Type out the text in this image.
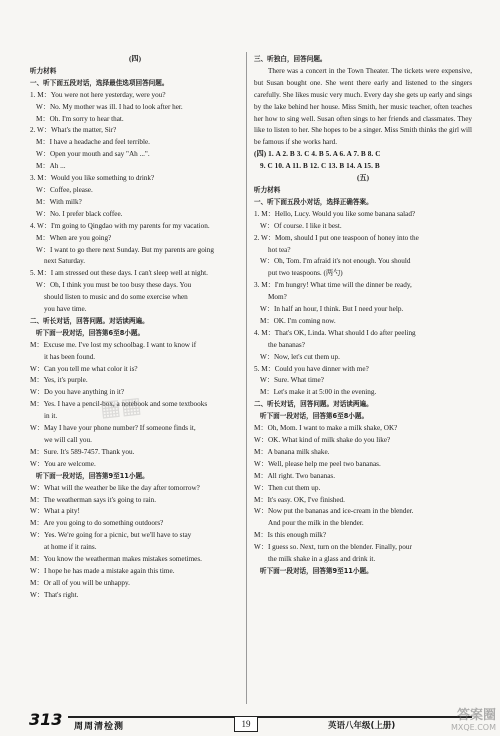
(四)
听力材料
一、听下面五段对话，选择最佳选项回答问题。
1. M：You were not here yesterday, were you?
W：No. My mother was ill. I had to look after her.
M：Oh. I'm sorry to hear that.
2. W：What's the matter, Sir?
M：I have a headache and feel terrible.
W：Open your mouth and say "Ah ...".
M：Ah ...
3. M：Would you like something to drink?
W：Coffee, please.
M：With milk?
W：No. I prefer black coffee.
4. W：I'm going to Qingdao with my parents for my vacation.
M：When are you going?
W：I want to go there next Sunday. But my parents are going
next Saturday.
5. M：I am stressed out these days. I can't sleep well at night.
W：Oh, I think you must be too busy these days. You
should listen to music and do some exercise when
you have time.
二、听长对话，回答问题。对话读两遍。
听下面一段对话，回答第6至8小题。
M：Excuse me. I've lost my schoolbag. I want to know if
it has been found.
W：Can you tell me what color it is?
M：Yes, it's purple.
W：Do you have anything in it?
M：Yes. I have a pencil-box, a notebook and some textbooks
in it.
W：May I have your phone number? If someone finds it,
we will call you.
M：Sure. It's 589-7457. Thank you.
W：You are welcome.
听下面一段对话，回答第9至11小题。
W：What will the weather be like the day after tomorrow?
M：The weatherman says it's going to rain.
W：What a pity!
M：Are you going to do something outdoors?
W：Yes. We're going for a picnic, but we'll have to stay
at home if it rains.
M：You know the weatherman makes mistakes sometimes.
W：I hope he has made a mistake again this time.
M：Or all of you will be unhappy.
W：That's right.
三、听独白，回答问题。
There was a concert in the Town Theater. The tickets were expensive, but Susan bought one. She went there early and listened to the singers carefully. She likes music very much. Every day she gets up early and sings by the lake behind her house. Miss Smith, her music teacher, often teaches her how to sing well. Susan often sings to her friends and classmates. They like to listen to her. She hopes to be a singer. Miss Smith thinks the girl will be famous if she works hard.
(四) 1. A 2. B 3. C 4. B 5. A 6. A 7. B 8. C
9. C 10. A 11. B 12. C 13. B 14. A 15. B
(五)
听力材料
一、听下面五段小对话，选择正确答案。
1. M：Hello, Lucy. Would you like some banana salad?
W：Of course. I like it best.
2. W：Mom, should I put one teaspoon of honey into the
hot tea?
W：Oh, Tom. I'm afraid it's not enough. You should
put two teaspoons. (两勺)
3. M：I'm hungry! What time will the dinner be ready,
Mom?
W：In half an hour, I think. But I need your help.
M：OK. I'm coming now.
4. M：That's OK, Linda. What should I do after peeling
the bananas?
W：Now, let's cut them up.
5. M：Could you have dinner with me?
W：Sure. What time?
M：Let's make it at 5:00 in the evening.
二、听长对话，回答问题。对话读两遍。
听下面一段对话，回答第6至8小题。
M：Oh, Mom. I want to make a milk shake, OK?
W：OK. What kind of milk shake do you like?
M：A banana milk shake.
W：Well, please help me peel two bananas.
M：All right. Two bananas.
W：Then cut them up.
M：It's easy. OK, I've finished.
W：Now put the bananas and ice-cream in the blender.
And pour the milk in the blender.
M：Is this enough milk?
W：I guess so. Next, turn on the blender. Finally, pour
the milk shake in a glass and drink it.
听下面一段对话，回答第9至11小题。
▦▦
313 周周清检测	19	英语八年级(上册)
答案圈
MXQE.COM
